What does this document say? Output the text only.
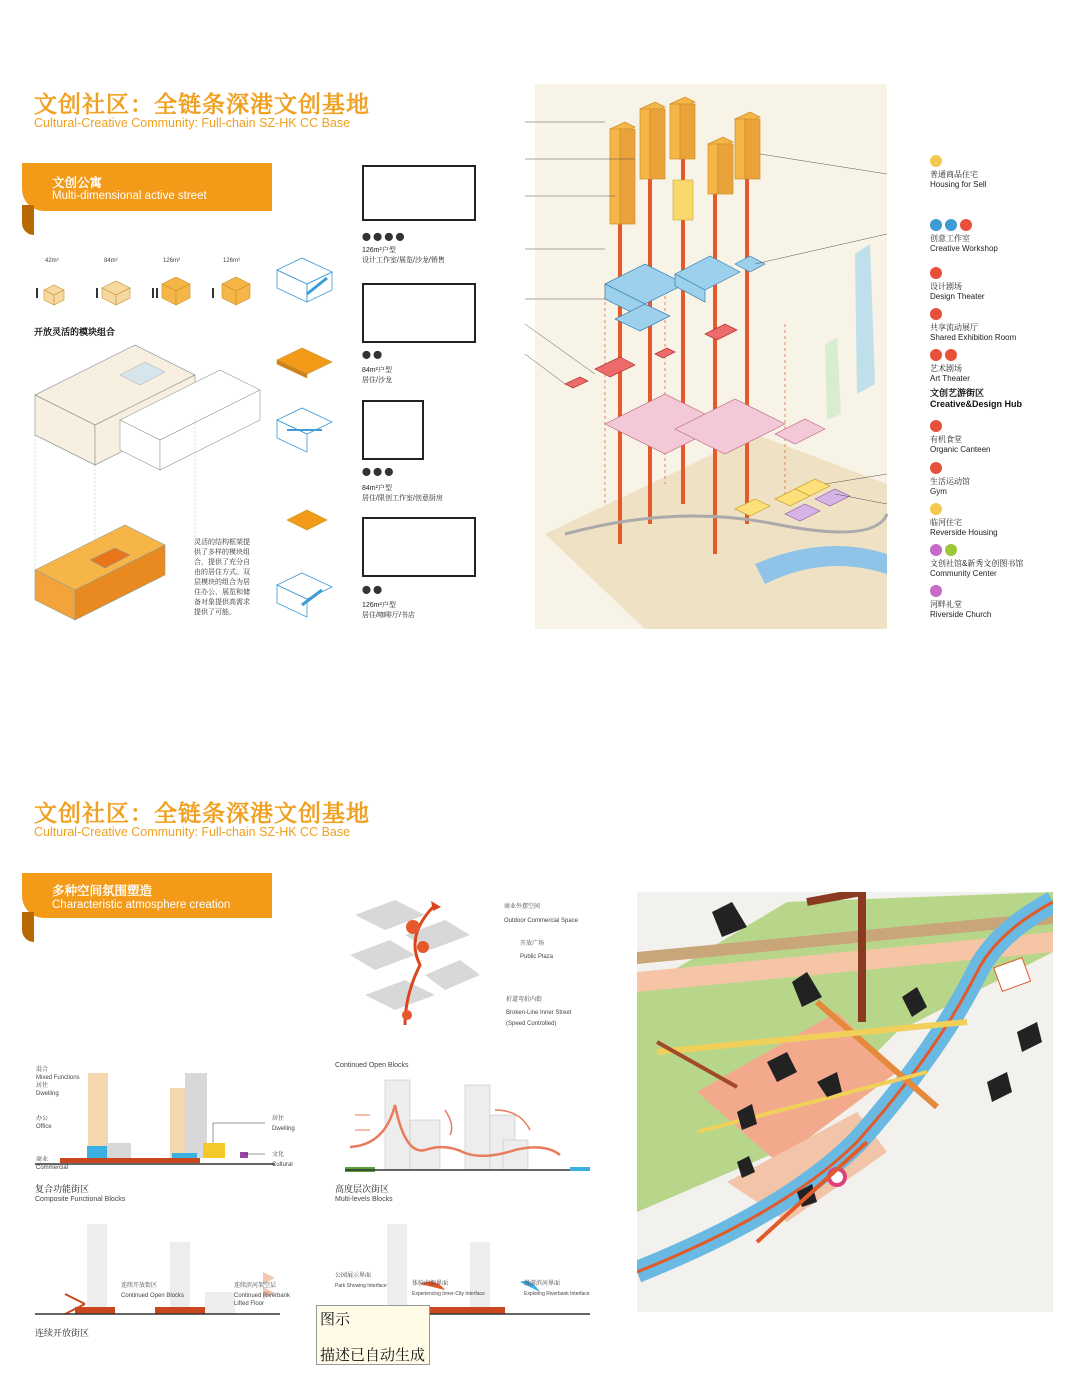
文创社区：全链条深港文创基地
Cultural-Creative Community: Full-chain SZ-HK CC Base
文创公寓
Multi-dimensional active street
42m²	84m²	126m²	126m²
开放灵活的模块组合
灵活的结构框架提供了多样的模块组合，提供了充分自由的居住方式。双层模块的组合为居住办公、展览和储备对象提供高需求提供了可能。
⬤ ⬤ ⬤ ⬤
126m²户型
设计工作室/展览/沙龙/销售
⬤ ⬤
84m²户型
居住/沙龙
⬤ ⬤ ⬤
84m²户型
居住/限创工作室/创意厨房
⬤ ⬤
126m²户型
居住/咖啡厅/书店
普通商品住宅
Housing for Sell
创意工作室
Creative Workshop
设计剧场
Design Theater
共享流动展厅
Shared Exhibition Room
艺术剧场
Art Theater
文创艺游街区
Creative&Design Hub
有机食堂
Organic Canteen
生活运动馆
Gym
临河住宅
Reverside Housing
文创社馆&新秀文创图书馆
Community Center
河畔礼堂
Riverside Church
文创社区：全链条深港文创基地
Cultural-Creative Community: Full-chain SZ-HK CC Base
多种空间氛围塑造
Characteristic atmosphere creation	商业外摆空间
Outdoor Commercial Space
开放广场
Public Plaza
折道弯折内街
Broken-Line Inner Street
(Speed Controlled)
混合
Mixed Functions
居住
Dwelling
办公
Office
商业
Commercial
居住
Dwelling
文化
Cultural
复合功能街区
Composite Functional Blocks
Continued Open Blocks
高度层次街区
Multi-levels Blocks
连续开放街区
Continued Open Blocks
连续滨河架空层
Continued Riverbank Lifted Floor
连续开放街区
公园展示界面
Park Showing Interface	体验内街界面
Experiencing Inner-City Interface
漫游滨河界面
Exploring Riverbank Interface
图示
描述已自动生成
